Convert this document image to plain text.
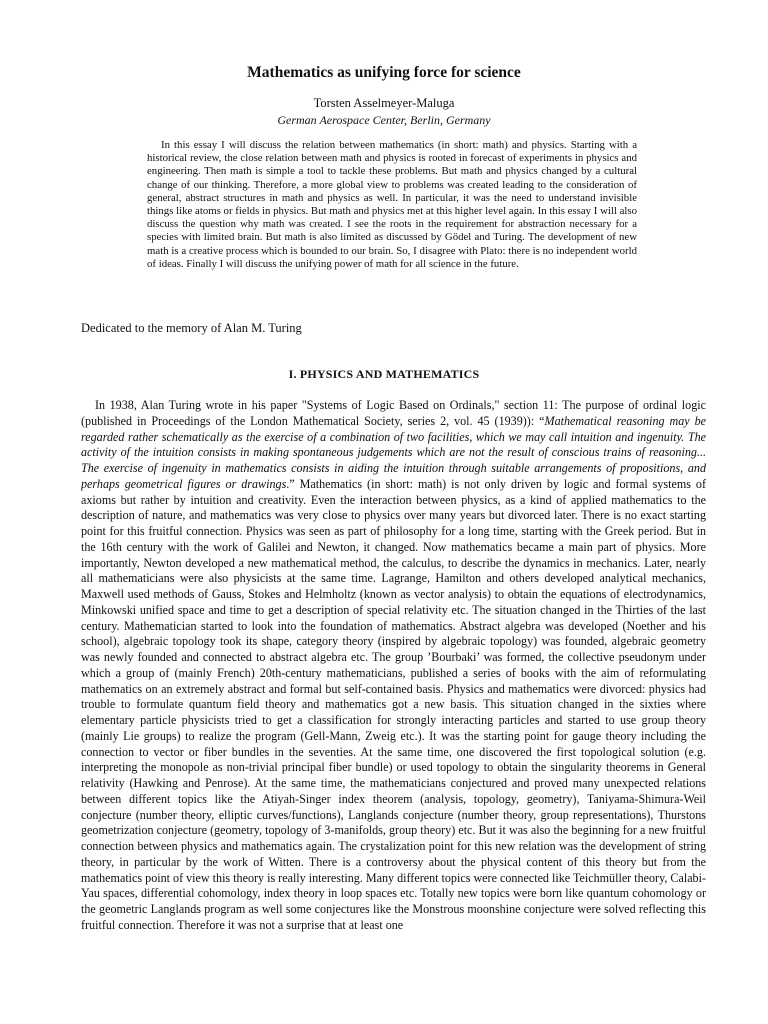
Mathematics as unifying force for science
Torsten Asselmeyer-Maluga
German Aerospace Center, Berlin, Germany
In this essay I will discuss the relation between mathematics (in short: math) and physics. Starting with a historical review, the close relation between math and physics is rooted in forecast of experiments in physics and engineering. Then math is simple a tool to tackle these problems. But math and physics changed by a cultural change of our thinking. Therefore, a more global view to problems was created leading to the consideration of general, abstract structures in math and physics as well. In particular, it was the need to understand invisible things like atoms or fields in physics. But math and physics met at this higher level again. In this essay I will also discuss the question why math was created. I see the roots in the requirement for abstraction necessary for a species with limited brain. But math is also limited as discussed by Gödel and Turing. The development of new math is a creative process which is bounded to our brain. So, I disagree with Plato: there is no independent world of ideas. Finally I will discuss the unifying power of math for all science in the future.
Dedicated to the memory of Alan M. Turing
I. PHYSICS AND MATHEMATICS

In 1938, Alan Turing wrote in his paper "Systems of Logic Based on Ordinals," section 11: The purpose of ordinal logic (published in Proceedings of the London Mathematical Society, series 2, vol. 45 (1939)): “Mathematical reasoning may be regarded rather schematically as the exercise of a combination of two facilities, which we may call intuition and ingenuity. The activity of the intuition consists in making spontaneous judgements which are not the result of conscious trains of reasoning... The exercise of ingenuity in mathematics consists in aiding the intuition through suitable arrangements of propositions, and perhaps geometrical figures or drawings.” Mathematics (in short: math) is not only driven by logic and formal systems of axioms but rather by intuition and creativity. Even the interaction between physics, as a kind of applied mathematics to the description of nature, and mathematics was very close to physics over many years but divorced later. There is no exact starting point for this fruitful connection. Physics was seen as part of philosophy for a long time, starting with the Greek period. But in the 16th century with the work of Galilei and Newton, it changed. Now mathematics became a main part of physics. More importantly, Newton developed a new mathematical method, the calculus, to describe the dynamics in mechanics. Later, nearly all mathematicians were also physicists at the same time. Lagrange, Hamilton and others developed analytical mechanics, Maxwell used methods of Gauss, Stokes and Helmholtz (known as vector analysis) to obtain the equations of electrodynamics, Minkowski unified space and time to get a description of special relativity etc. The situation changed in the Thirties of the last century. Mathematician started to look into the foundation of mathematics. Abstract algebra was developed (Noether and his school), algebraic topology took its shape, category theory (inspired by algebraic topology) was founded, algebraic geometry was newly founded and connected to abstract algebra etc. The group ’Bourbaki’ was formed, the collective pseudonym under which a group of (mainly French) 20th-century mathematicians, published a series of books with the aim of reformulating mathematics on an extremely abstract and formal but self-contained basis. Physics and mathematics were divorced: physics had trouble to formulate quantum field theory and mathematics got a new basis. This situation changed in the sixties where elementary particle physicists tried to get a classification for strongly interacting particles and started to use group theory (mainly Lie groups) to realize the program (Gell-Mann, Zweig etc.). It was the starting point for gauge theory including the connection to vector or fiber bundles in the seventies. At the same time, one discovered the first topological solution (e.g. interpreting the monopole as non-trivial principal fiber bundle) or used topology to obtain the singularity theorems in General relativity (Hawking and Penrose). At the same time, the mathematicians conjectured and proved many unexpected relations between different topics like the Atiyah-Singer index theorem (analysis, topology, geometry), Taniyama-Shimura-Weil conjecture (number theory, elliptic curves/functions), Langlands conjecture (number theory, group representations), Thurstons geometrization conjecture (geometry, topology of 3-manifolds, group theory) etc. But it was also the beginning for a new fruitful connection between physics and mathematics again. The crystalization point for this new relation was the development of string theory, in particular by the work of Witten. There is a controversy about the physical content of this theory but from the mathematics point of view this theory is really interesting. Many different topics were connected like Teichmüller theory, Calabi-Yau spaces, differential cohomology, index theory in loop spaces etc. Totally new topics were born like quantum cohomology or the geometric Langlands program as well some conjectures like the Monstrous moonshine conjecture were solved reflecting this fruitful connection. Therefore it was not a surprise that at least one
